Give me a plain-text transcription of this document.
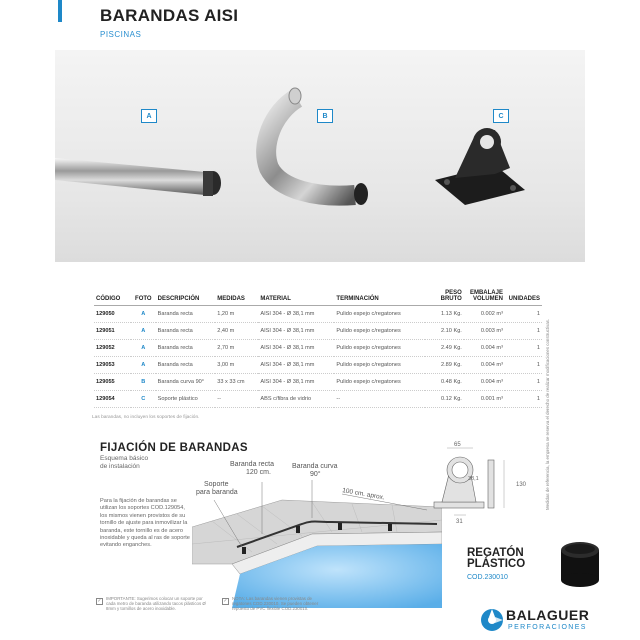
BARANDAS AISI
PISCINAS
A	B	C
Medidas de referencia, la empresa se reserva el derecho de realizar modificaciones constructivas.
CÓDIGO	FOTO	DESCRIPCIÓN	MEDIDAS	MATERIAL	TERMINACIÓN	PESO BRUTO	EMBALAJE VOLUMEN	UNIDADES
129050	A	Baranda recta	1,20 m	AISI 304 - Ø 38,1 mm	Pulido espejo c/regatones	1.13 Kg.	0.002 m³	1
129051	A	Baranda recta	2,40 m	AISI 304 - Ø 38,1 mm	Pulido espejo c/regatones	2.10 Kg.	0.003 m³	1
129052	A	Baranda recta	2,70 m	AISI 304 - Ø 38,1 mm	Pulido espejo c/regatones	2.49 Kg.	0.004 m³	1
129053	A	Baranda recta	3,00 m	AISI 304 - Ø 38,1 mm	Pulido espejo c/regatones	2.89 Kg.	0.004 m³	1
129055	B	Baranda curva 90°	33 x 33 cm	AISI 304 - Ø 38,1 mm	Pulido espejo c/regatones	0.48 Kg.	0.004 m³	1
129054	C	Soporte plástico	--	ABS c/fibra de vidrio	--	0.12 Kg.	0.001 m³	1
Las barandas, no incluyen los soportes de fijación.
FIJACIÓN DE BARANDAS
Esquema básico
de instalación
Para la fijación de barandas se utilizan los soportes COD.129054, los mismos vienen provistos de su tornillo de ajuste para inmovilizar la baranda, este tornillo es de acero inoxidable y queda al ras de soporte evitando enganches.
Baranda recta
120 cm.
Baranda curva
90°
Soporte
para baranda	100 cm. aprox.
65
38,1
130
31
✓	IMPORTANTE: Sugerimos colocar un soporte por cada metro de baranda utilizando tacos plásticos Ø 8mm y tornillos de acero inoxidable.
✓	NOTA: Las barandas vienen provistas de regatones COD.230010. Se pueden obtener repuesto de PVC flexible COD.230010.
REGATÓN
PLÁSTICO
COD.230010
BALAGUER
PERFORACIONES
